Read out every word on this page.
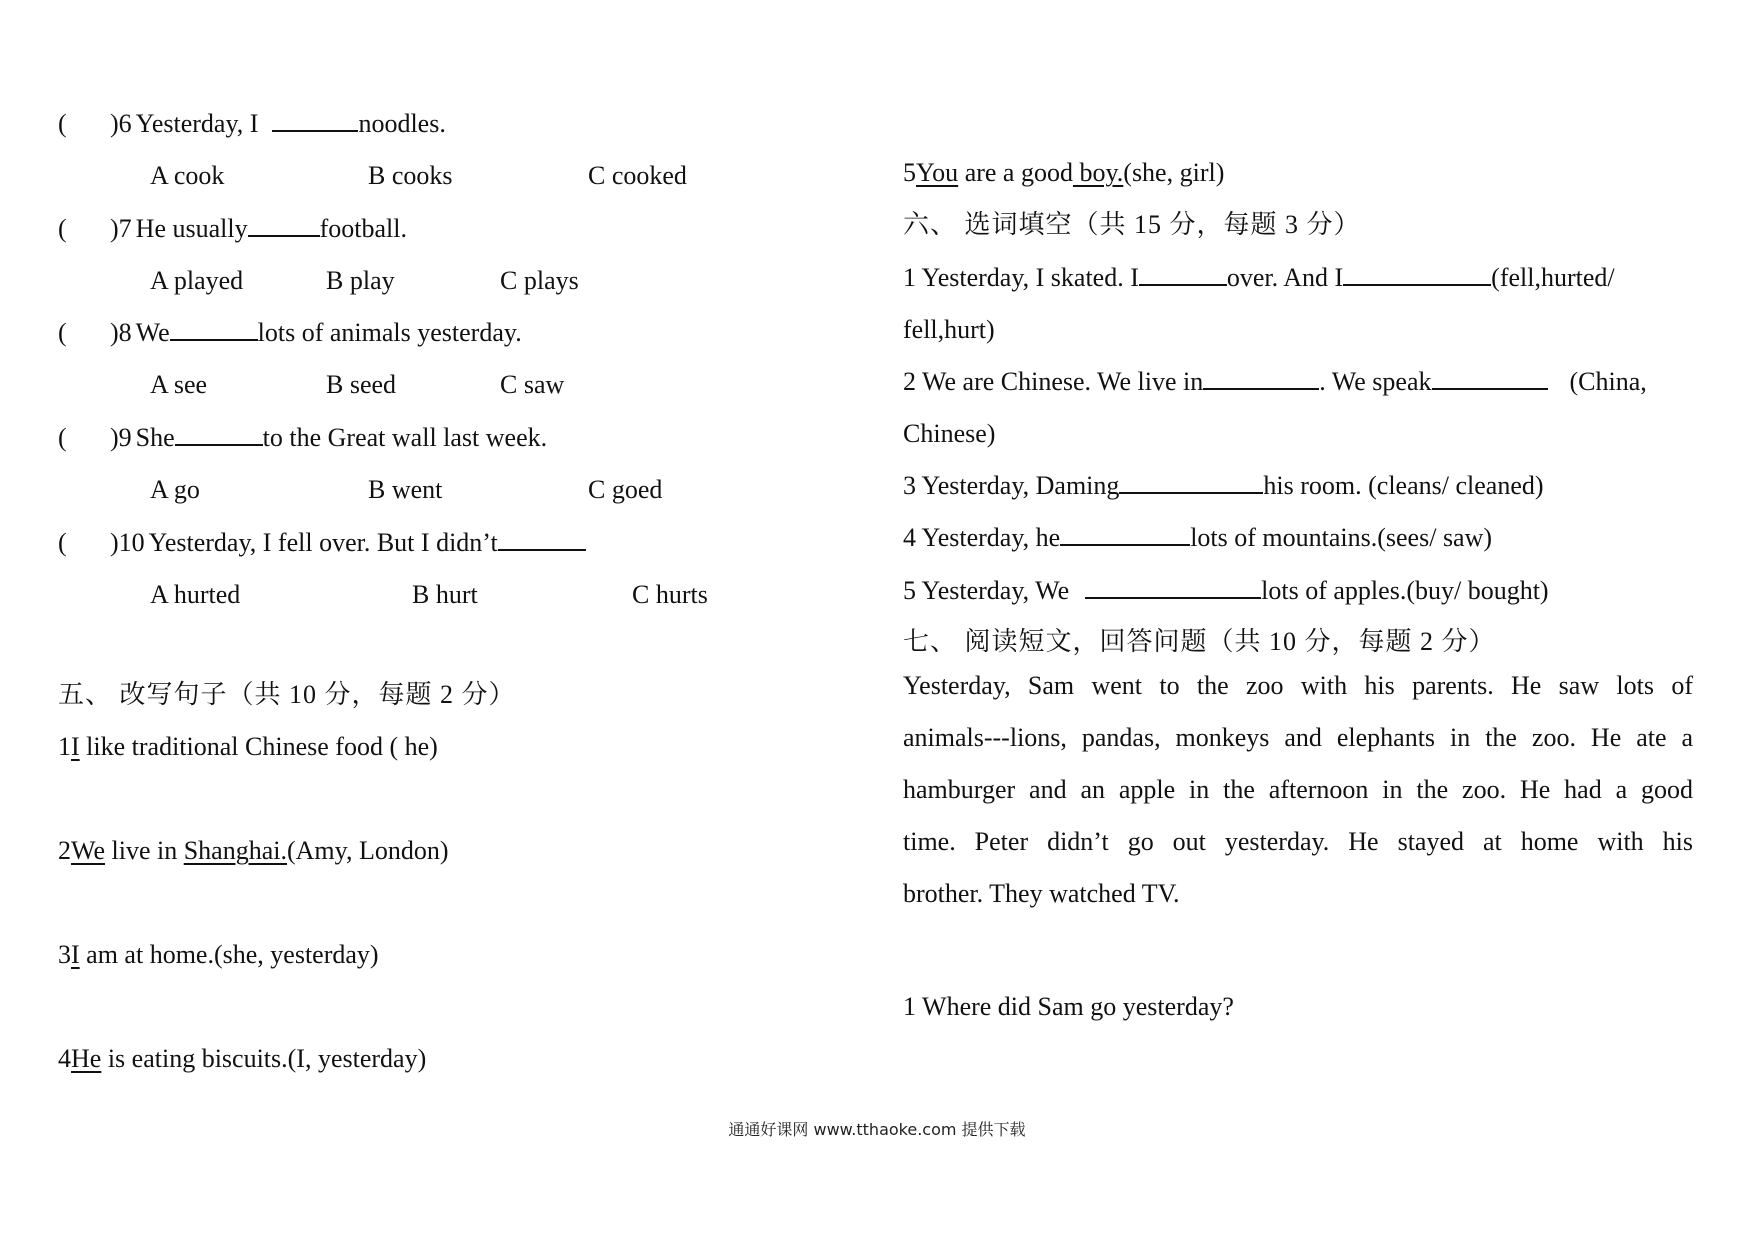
( )6 Yesterday, I	noodles.
A cook	B cooks	C cooked
( )7 He usually	football.
A played	B play	C plays
( )8 We	lots of animals yesterday.
A see	B seed	C saw
( )9 She	to the Great wall last week.
A go	B went	C goed
( )10 Yesterday, I fell over. But I didn’t
A hurted	B hurt	C hurts
五、 改写句子（共 10 分，每题 2 分）
1I like traditional Chinese food ( he)
2We live in Shanghai.(Amy, London)
3I am at home.(she, yesterday)
4He is eating biscuits.(I, yesterday)
5You are a good boy.(she, girl)
六、 选词填空（共 15 分，每题 3 分）
1 Yesterday, I skated. I	over. And I	(fell,hurted/
fell,hurt)
2 We are Chinese. We live in	. We speak	(China,
Chinese)
3 Yesterday, Daming	his room. (cleans/ cleaned)
4 Yesterday, he	lots of mountains.(sees/ saw)
5 Yesterday, We	lots of apples.(buy/ bought)
七、 阅读短文，回答问题（共 10 分，每题 2 分）
Yesterday, Sam went to the zoo with his parents. He saw lots of
animals---lions, pandas, monkeys and elephants in the zoo. He ate a
hamburger and an apple in the afternoon in the zoo. He had a good
time. Peter didn’t go out yesterday. He stayed at home with his
brother. They watched TV.
1 Where did Sam go yesterday?
通通好课网 www.tthaoke.com 提供下载
